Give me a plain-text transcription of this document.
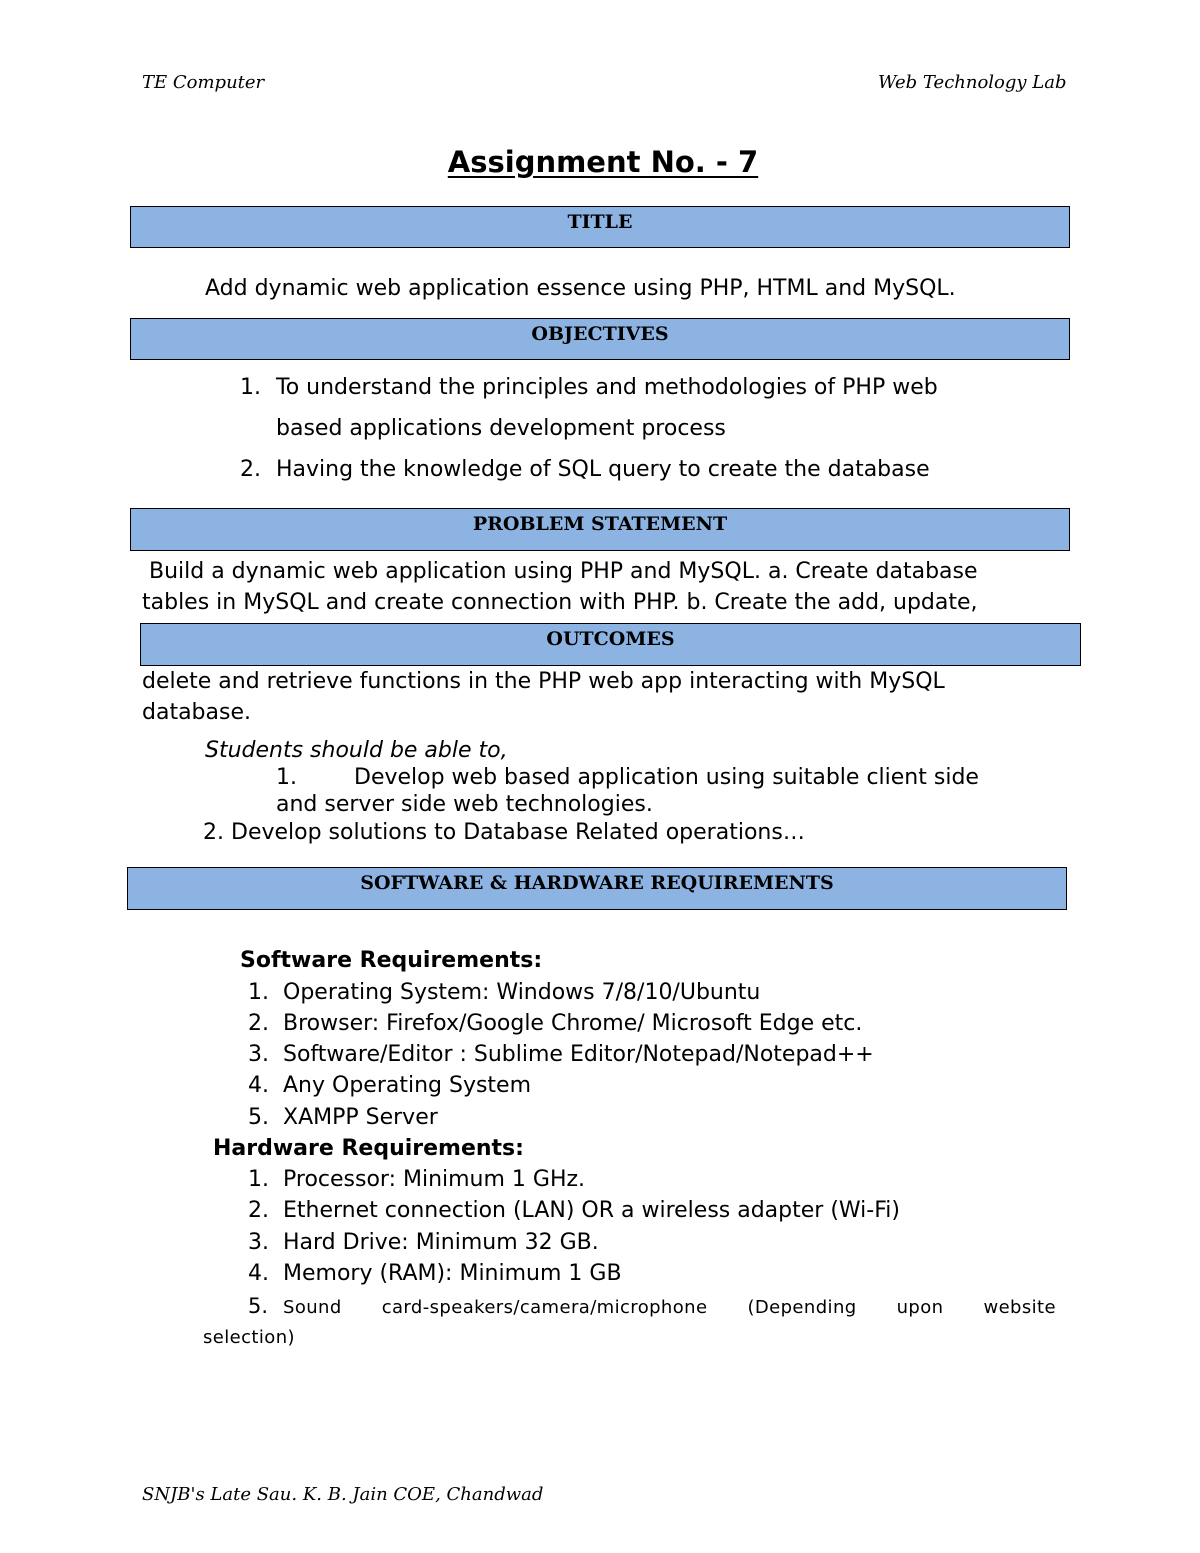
TE Computer	Web Technology Lab
Assignment No. - 7
TITLE
Add dynamic web application essence using PHP, HTML and MySQL.
OBJECTIVES
1. To understand the principles and methodologies of PHP web
based applications development process
2. Having the knowledge of SQL query to create the database
PROBLEM STATEMENT
Build a dynamic web application using PHP and MySQL. a. Create database
tables in MySQL and create connection with PHP. b. Create the add, update,
OUTCOMES
delete and retrieve functions in the PHP web app interacting with MySQL
database.
Students should be able to,
1.	Develop web based application using suitable client side
and server side web technologies.
2. Develop solutions to Database Related operations…
SOFTWARE & HARDWARE REQUIREMENTS
Software Requirements:
1. Operating System: Windows 7/8/10/Ubuntu
2. Browser: Firefox/Google Chrome/ Microsoft Edge etc.
3. Software/Editor : Sublime Editor/Notepad/Notepad++
4. Any Operating System
5. XAMPP Server
Hardware Requirements:
1. Processor: Minimum 1 GHz.
2. Ethernet connection (LAN) OR a wireless adapter (Wi-Fi)
3. Hard Drive: Minimum 32 GB.
4. Memory (RAM): Minimum 1 GB
5. Sound card-speakers/camera/microphone (Depending upon website
selection)
SNJB's Late Sau. K. B. Jain COE, Chandwad
